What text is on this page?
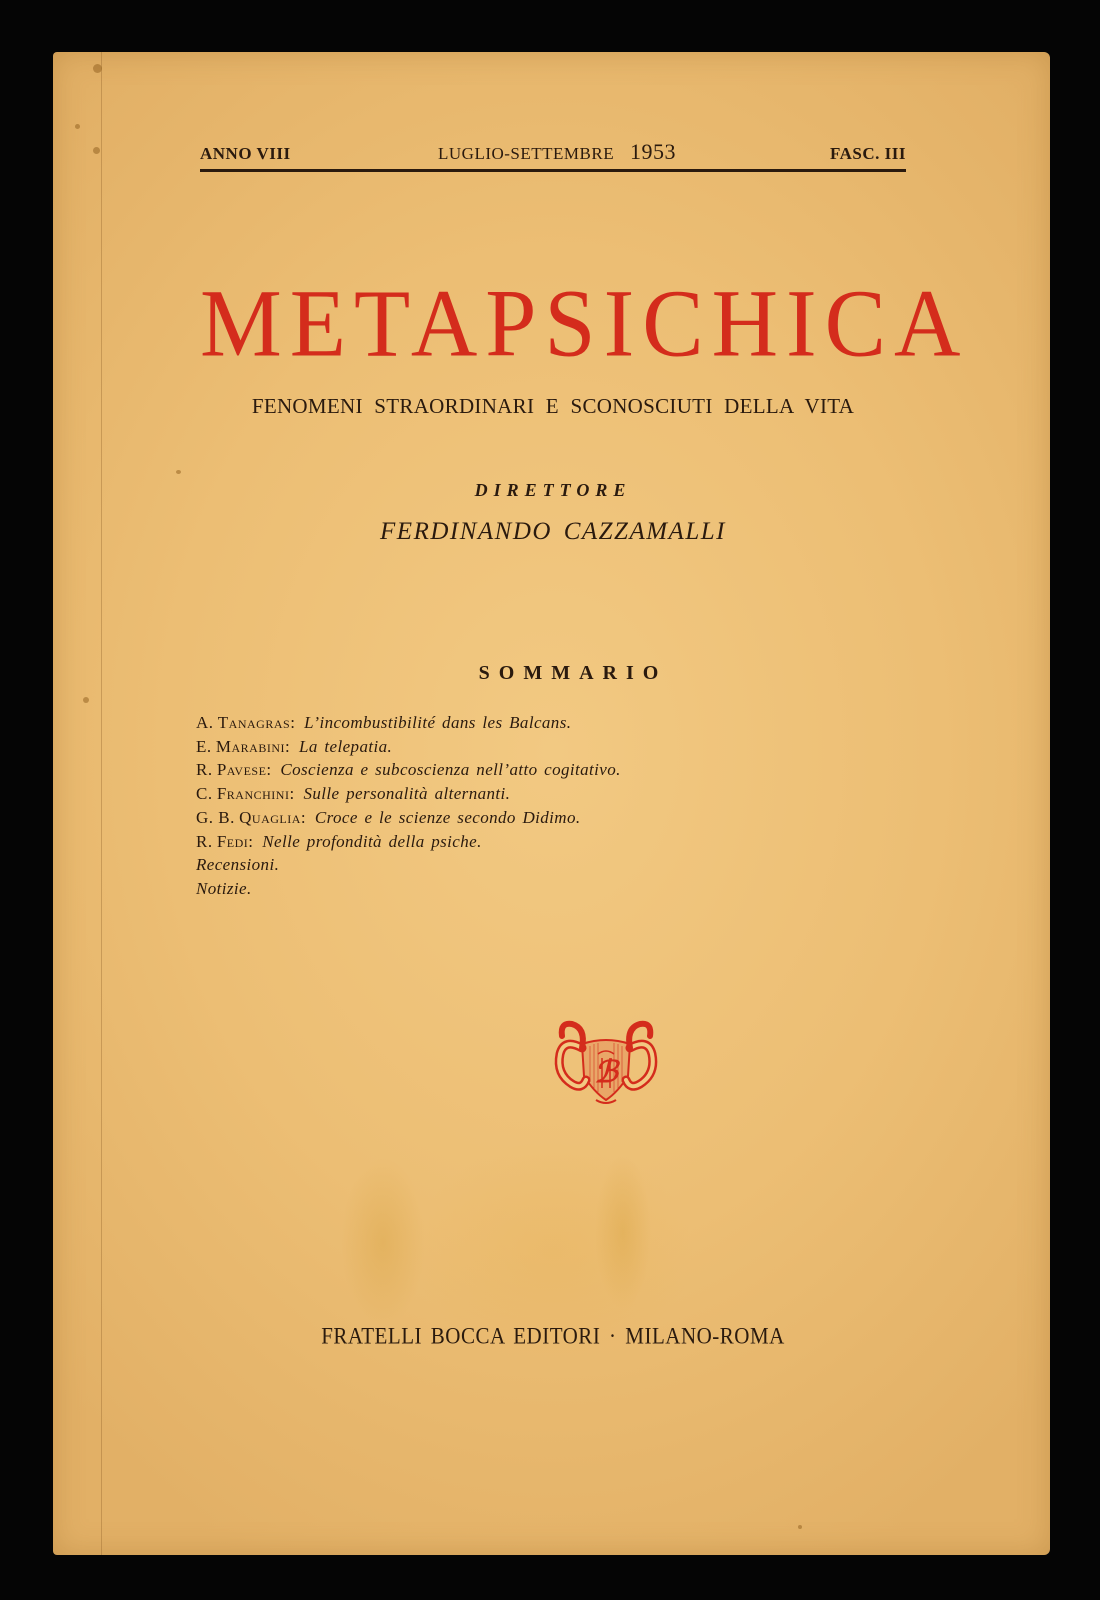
ANNO VIII	LUGLIO-SETTEMBRE 1953	FASC. III
METAPSICHICA
FENOMENI STRAORDINARI E SCONOSCIUTI DELLA VITA
DIRETTORE
FERDINANDO CAZZAMALLI
SOMMARIO
A. Tanagras: L’incombustibilité dans les Balcans.
E. Marabini: La telepatia.
R. Pavese: Coscienza e subcoscienza nell’atto cogitativo.
C. Franchini: Sulle personalità alternanti.
G. B. Quaglia: Croce e le scienze secondo Didimo.
R. Fedi: Nelle profondità della psiche.
Recensioni.
Notizie.
ℬ
FRATELLI BOCCA EDITORI · MILANO-ROMA
